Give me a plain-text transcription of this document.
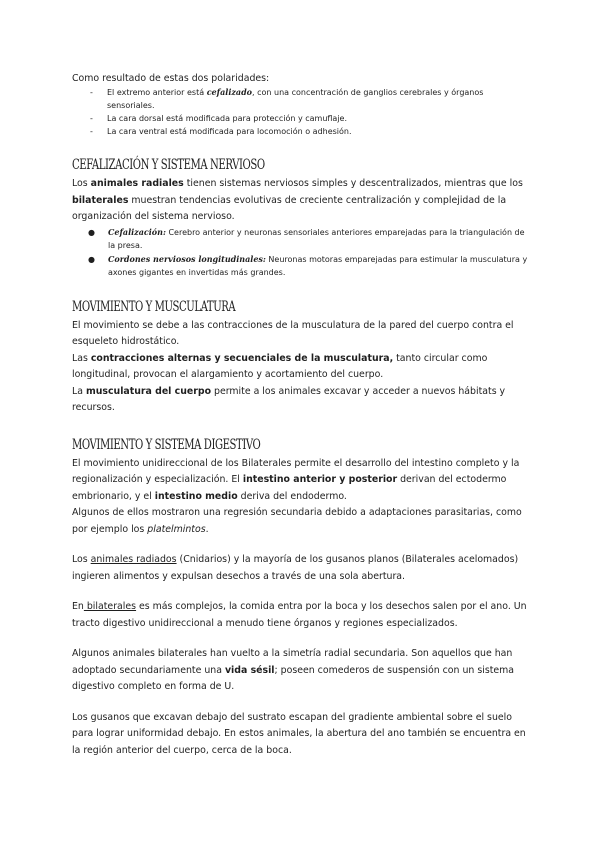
Como resultado de estas dos polaridades:

- El extremo anterior está cefalizado, con una concentración de ganglios cerebrales y órganos sensoriales.
- La cara dorsal está modificada para protección y camuflaje.
- La cara ventral está modificada para locomoción o adhesión.
CEFALIZACIÓN Y SISTEMA NERVIOSO

Los animales radiales tienen sistemas nerviosos simples y descentralizados, mientras que los bilaterales muestran tendencias evolutivas de creciente centralización y complejidad de la organización del sistema nervioso.

● Cefalización: Cerebro anterior y neuronas sensoriales anteriores emparejadas para la triangulación de la presa.
● Cordones nerviosos longitudinales: Neuronas motoras emparejadas para estimular la musculatura y axones gigantes en invertidas más grandes.
MOVIMIENTO Y MUSCULATURA

El movimiento se debe a las contracciones de la musculatura de la pared del cuerpo contra el esqueleto hidrostático.

Las contracciones alternas y secuenciales de la musculatura, tanto circular como longitudinal, provocan el alargamiento y acortamiento del cuerpo.

La musculatura del cuerpo permite a los animales excavar y acceder a nuevos hábitats y recursos.

MOVIMIENTO Y SISTEMA DIGESTIVO

El movimiento unidireccional de los Bilaterales permite el desarrollo del intestino completo y la regionalización y especialización. El intestino anterior y posterior derivan del ectodermo embrionario, y el intestino medio deriva del endodermo.

Algunos de ellos mostraron una regresión secundaria debido a adaptaciones parasitarias, como por ejemplo los platelmintos.

Los animales radiados (Cnidarios) y la mayoría de los gusanos planos (Bilaterales acelomados) ingieren alimentos y expulsan desechos a través de una sola abertura.

En bilaterales es más complejos, la comida entra por la boca y los desechos salen por el ano. Un tracto digestivo unidireccional a menudo tiene órganos y regiones especializados.

Algunos animales bilaterales han vuelto a la simetría radial secundaria. Son aquellos que han adoptado secundariamente una vida sésil; poseen comederos de suspensión con un sistema digestivo completo en forma de U.

Los gusanos que excavan debajo del sustrato escapan del gradiente ambiental sobre el suelo para lograr uniformidad debajo. En estos animales, la abertura del ano también se encuentra en la región anterior del cuerpo, cerca de la boca.
